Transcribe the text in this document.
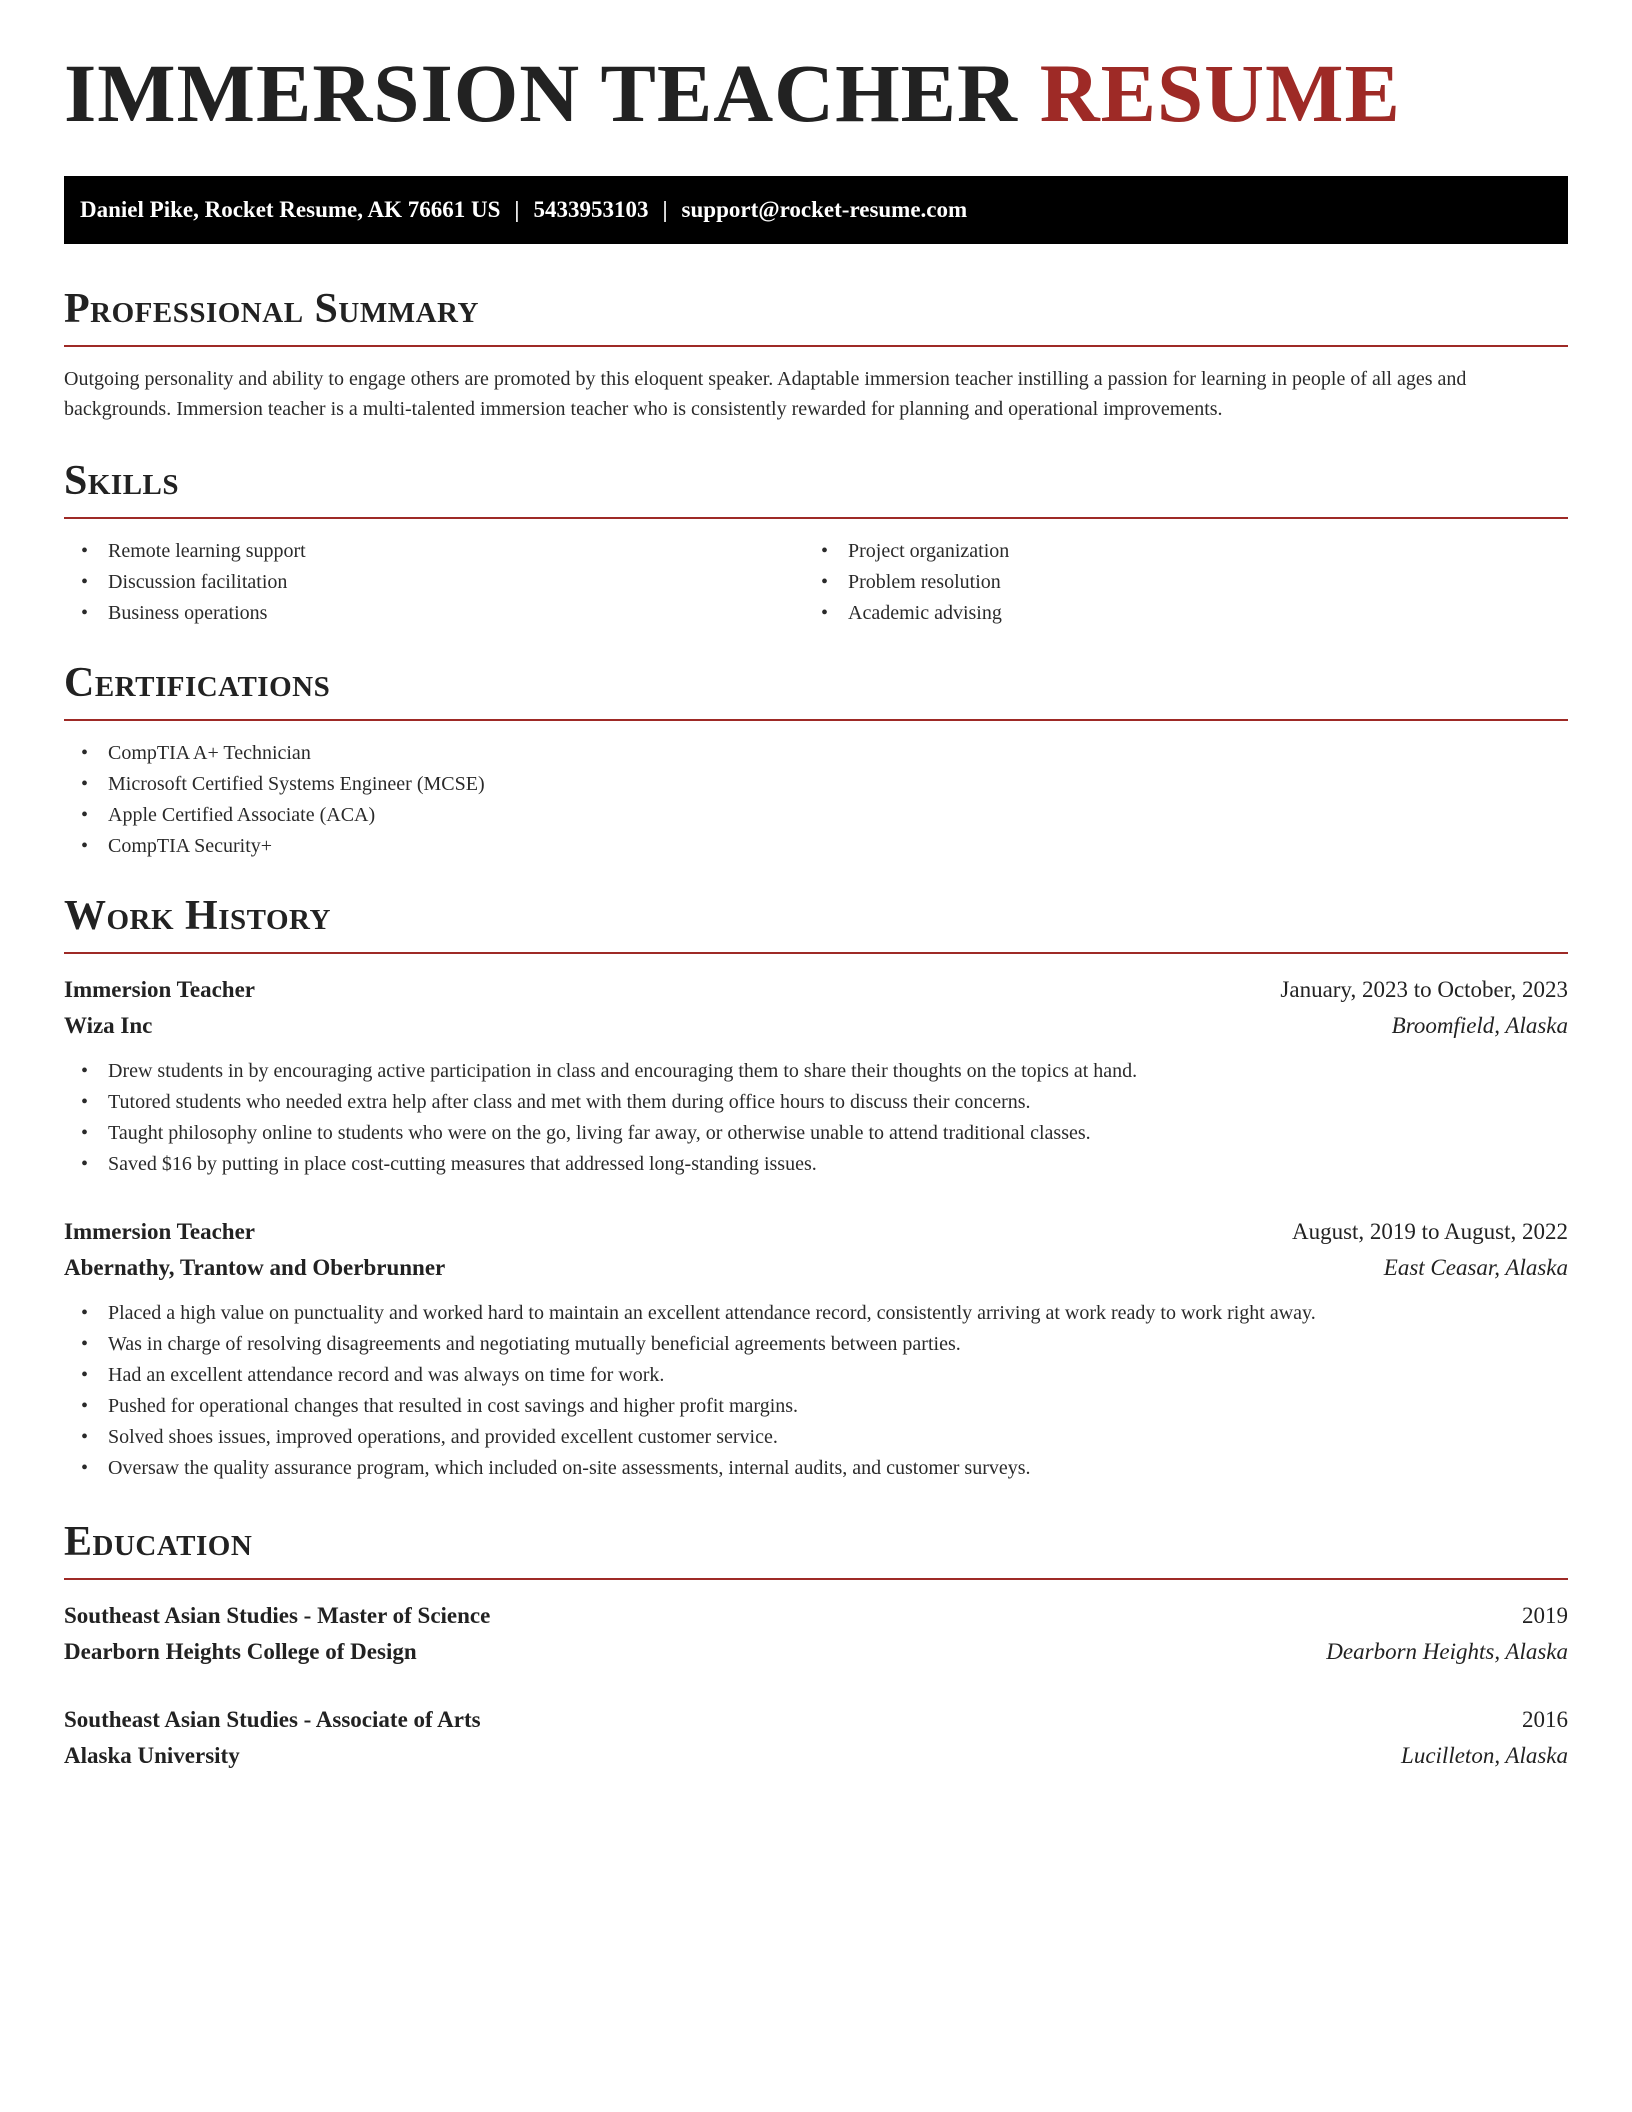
IMMERSION TEACHER RESUME
Daniel Pike, Rocket Resume, AK 76661 US | 5433953103 | support@rocket-resume.com
Professional Summary
Outgoing personality and ability to engage others are promoted by this eloquent speaker. Adaptable immersion teacher instilling a passion for learning in people of all ages and backgrounds. Immersion teacher is a multi-talented immersion teacher who is consistently rewarded for planning and operational improvements.
Skills
• Remote learning support
• Discussion facilitation
• Business operations
• Project organization
• Problem resolution
• Academic advising
Certifications
• CompTIA A+ Technician
• Microsoft Certified Systems Engineer (MCSE)
• Apple Certified Associate (ACA)
• CompTIA Security+
Work History
Immersion Teacher	January, 2023 to October, 2023
Wiza Inc	Broomfield, Alaska
• Drew students in by encouraging active participation in class and encouraging them to share their thoughts on the topics at hand.
• Tutored students who needed extra help after class and met with them during office hours to discuss their concerns.
• Taught philosophy online to students who were on the go, living far away, or otherwise unable to attend traditional classes.
• Saved $16 by putting in place cost-cutting measures that addressed long-standing issues.
Immersion Teacher	August, 2019 to August, 2022
Abernathy, Trantow and Oberbrunner	East Ceasar, Alaska
• Placed a high value on punctuality and worked hard to maintain an excellent attendance record, consistently arriving at work ready to work right away.
• Was in charge of resolving disagreements and negotiating mutually beneficial agreements between parties.
• Had an excellent attendance record and was always on time for work.
• Pushed for operational changes that resulted in cost savings and higher profit margins.
• Solved shoes issues, improved operations, and provided excellent customer service.
• Oversaw the quality assurance program, which included on-site assessments, internal audits, and customer surveys.
Education
Southeast Asian Studies - Master of Science	2019
Dearborn Heights College of Design	Dearborn Heights, Alaska
Southeast Asian Studies - Associate of Arts	2016
Alaska University	Lucilleton, Alaska
